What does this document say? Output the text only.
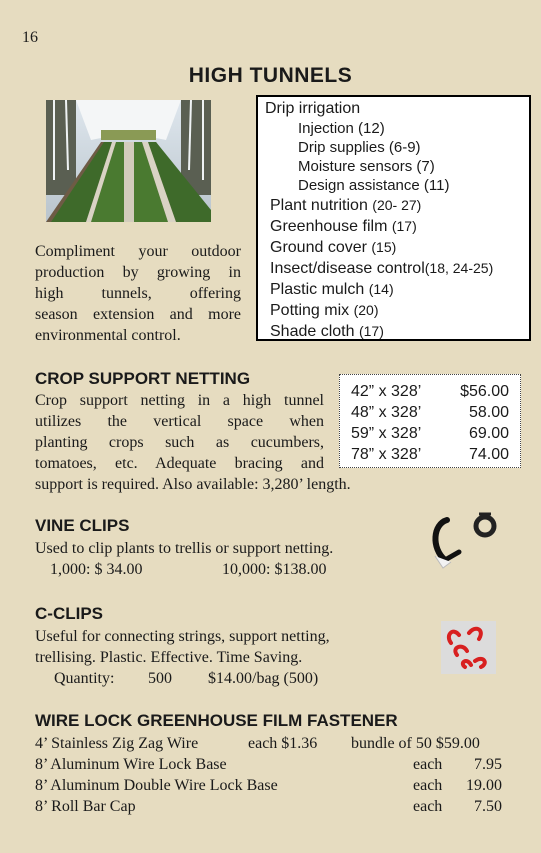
16
HIGH TUNNELS
Compliment your outdoor
production by growing in
high tunnels, offering
season extension and more
environmental control.
Drip irrigation
Injection (12)
Drip supplies (6-9)
Moisture sensors (7)
Design assistance (11)
Plant nutrition (20- 27)
Greenhouse film (17)
Ground cover (15)
Insect/disease control(18, 24-25)
Plastic mulch (14)
Potting mix (20)
Shade cloth (17)
CROP SUPPORT NETTING
Crop support netting in a high tunnel
utilizes the vertical space when
planting crops such as cucumbers,
tomatoes, etc. Adequate bracing and
support is required. Also available: 3,280’ length.
42” x 328’	$56.00
48” x 328’	58.00
59” x 328’	69.00
78” x 328’	74.00
VINE CLIPS
Used to clip plants to trellis or support netting.
1,000: $ 34.00	10,000: $138.00
C-CLIPS
Useful for connecting strings, support netting,
trellising. Plastic. Effective. Time Saving.
Quantity: 500 $14.00/bag (500)
WIRE LOCK GREENHOUSE FILM FASTENER
4’ Stainless Zig Zag Wire	each $1.36 bundle of 50 $59.00
8’ Aluminum Wire Lock Base	each	7.95
8’ Aluminum Double Wire Lock Base	each	19.00
8’ Roll Bar Cap	each	7.50
